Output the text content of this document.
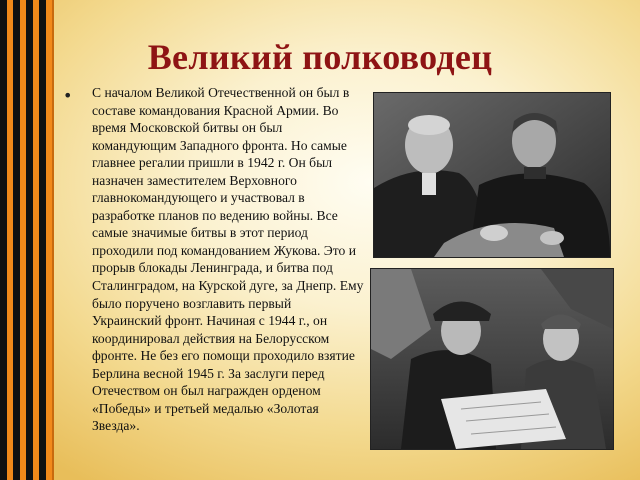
Великий полководец
• С началом Великой Отечественной он был в составе командования Красной Армии. Во время Московской битвы он был командующим Западного фронта. Но самые главнее регалии пришли в 1942 г. Он был назначен заместителем Верховного главнокомандующего и участвовал в разработке планов по ведению войны. Все самые значимые битвы в этот период проходили под командованием Жукова. Это и прорыв блокады Ленинграда, и битва под Сталинградом, на Курской дуге, за Днепр. Ему было поручено возглавить первый Украинский фронт. Начиная с 1944 г., он координировал действия на Белорусском фронте. Не без его помощи проходило взятие Берлина весной 1945 г. За заслуги перед Отечеством он был награжден орденом «Победы» и третьей медалью «Золотая Звезда».
